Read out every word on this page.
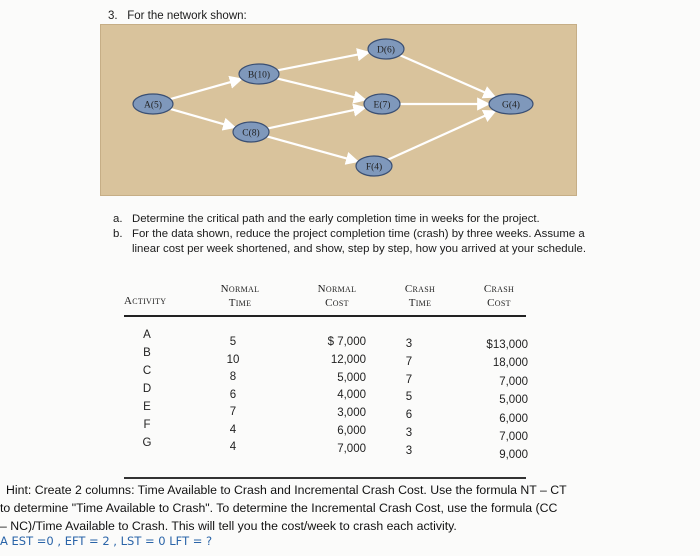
3. For the network shown:
A(5)
B(10)
C(8)
D(6)
E(7)
F(4)
G(4)
a. Determine the critical path and the early completion time in weeks for the project.
b. For the data shown, reduce the project completion time (crash) by three weeks. Assume a linear cost per week shortened, and show, step by step, how you arrived at your schedule.
Activity
Normal
Time
Normal
Cost
Crash
Time
Crash
Cost
A
B
C
D
E
F
G
5
10
8
6
7
4
4
$ 7,000
12,000
5,000
4,000
3,000
6,000
7,000
3
7
7
5
6
3
3
$13,000
18,000
7,000
5,000
6,000
7,000
9,000
Hint: Create 2 columns: Time Available to Crash and Incremental Crash Cost. Use the formula NT – CT
to determine "Time Available to Crash". To determine the Incremental Crash Cost, use the formula (CC
– NC)/Time Available to Crash. This will tell you the cost/week to crash each activity.
A EST =0 , EFT = 2 , LST = 0 LFT = ?
